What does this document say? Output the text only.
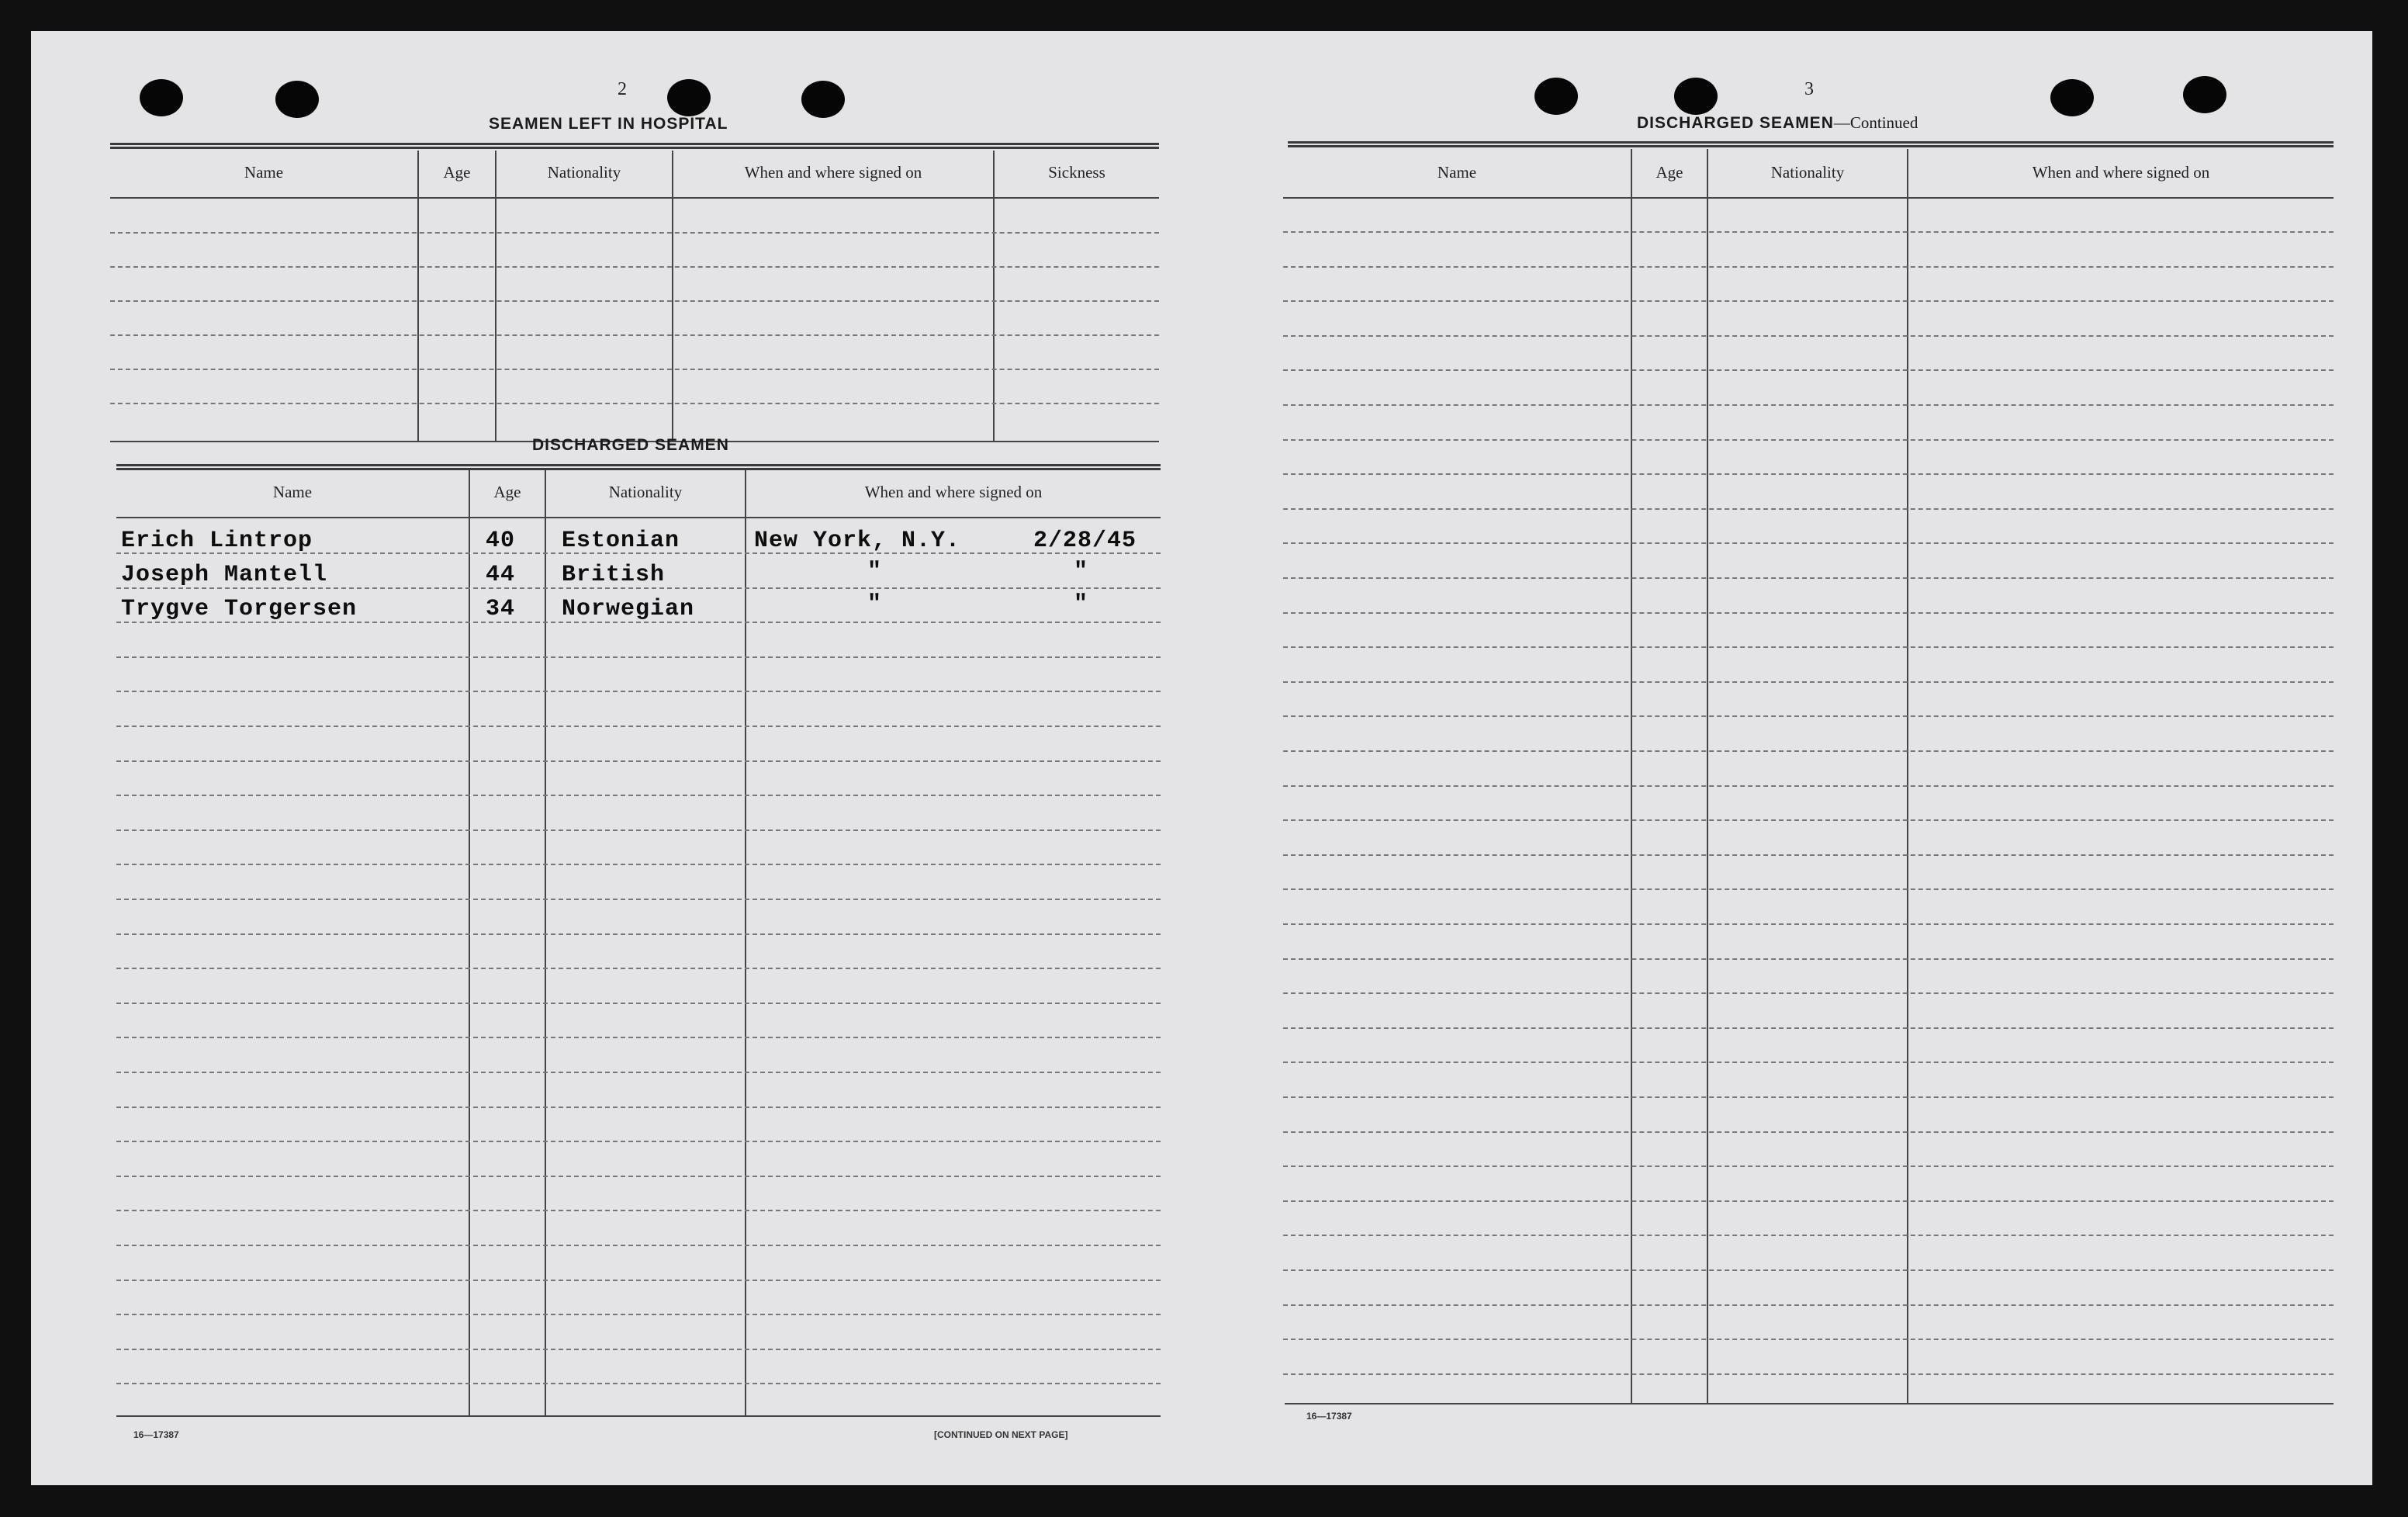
2
SEAMEN LEFT IN HOSPITAL
Name	Age	Nationality	When and where signed on	Sickness
DISCHARGED SEAMEN
Name	Age	Nationality	When and where signed on
Erich Lintrop	40 Estonian	New York, N.Y.	2/28/45
Joseph Mantell	44 British	"	"
Trygve Torgersen	34 Norwegian	"	"
16—17387	[CONTINUED ON NEXT PAGE]
3
DISCHARGED SEAMEN—Continued
Name	Age	Nationality	When and where signed on
16—17387
